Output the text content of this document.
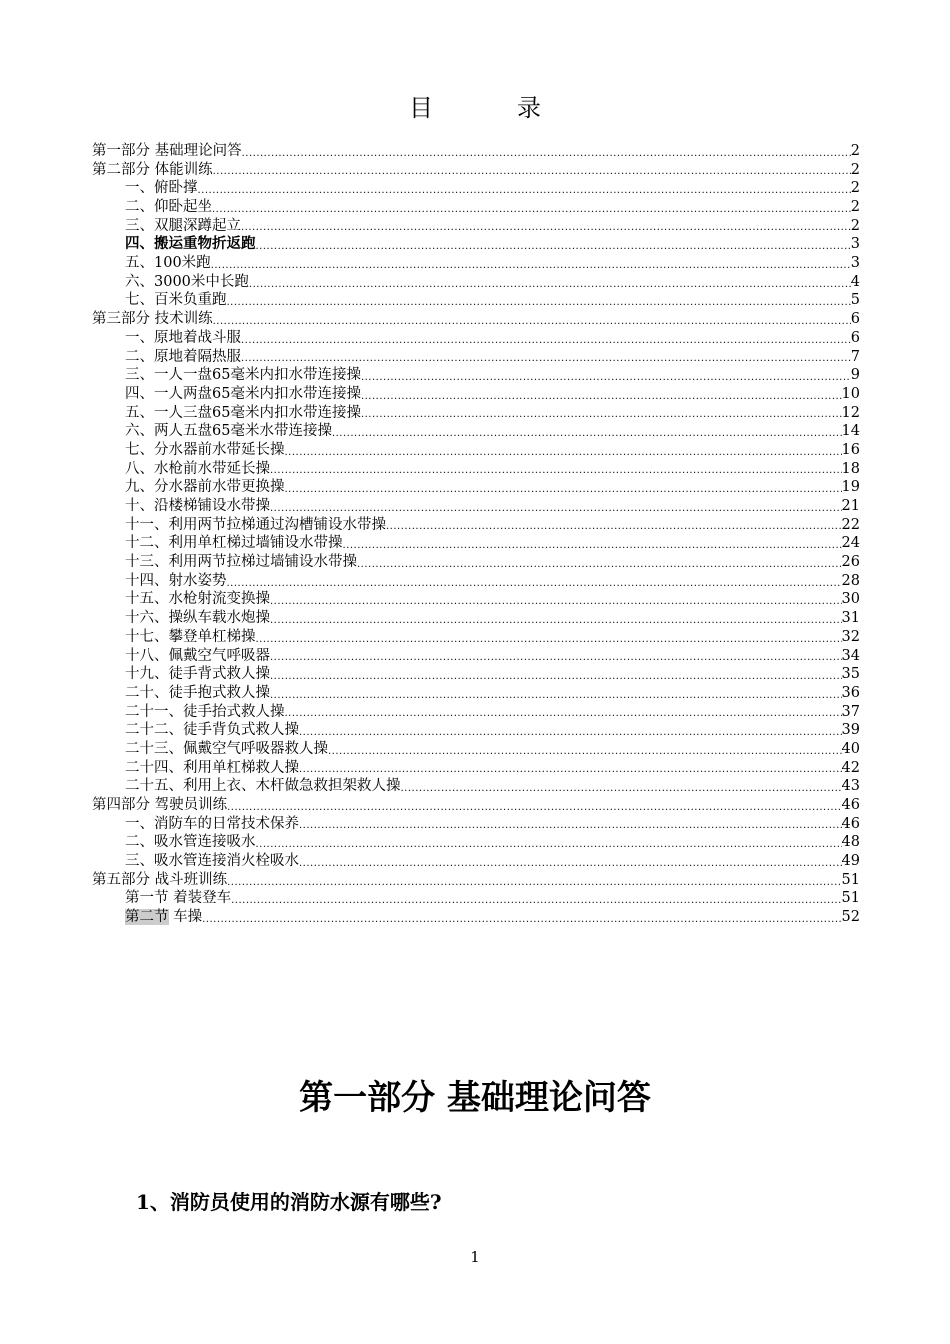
目　录
第一部分 基础理论问答 .....	2
第二部分 体能训练 .....	2
一、俯卧撑 .....	2
二、仰卧起坐 .....	2
三、双腿深蹲起立 .....	2
四、搬运重物折返跑 .....	3
五、100米跑 .....	3
六、3000米中长跑 .....	4
七、百米负重跑 .....	5
第三部分 技术训练 .....	6
一、原地着战斗服 .....	6
二、原地着隔热服 .....	7
三、一人一盘65毫米内扣水带连接操 .....	9
四、一人两盘65毫米内扣水带连接操 .....	10
五、一人三盘65毫米内扣水带连接操 .....	12
六、两人五盘65毫米水带连接操 .....	14
七、分水器前水带延长操 .....	16
八、水枪前水带延长操 .....	18
九、分水器前水带更换操 .....	19
十、沿楼梯铺设水带操 .....	21
十一、利用两节拉梯通过沟槽铺设水带操 .....	22
十二、利用单杠梯过墙铺设水带操 .....	24
十三、利用两节拉梯过墙铺设水带操 .....	26
十四、射水姿势 .....	28
十五、水枪射流变换操 .....	30
十六、操纵车载水炮操 .....	31
十七、攀登单杠梯操 .....	32
十八、佩戴空气呼吸器 .....	34
十九、徒手背式救人操 .....	35
二十、徒手抱式救人操 .....	36
二十一、徒手抬式救人操 .....	37
二十二、徒手背负式救人操 .....	39
二十三、佩戴空气呼吸器救人操 .....	40
二十四、利用单杠梯救人操 .....	42
二十五、利用上衣、木杆做急救担架救人操 .....	43
第四部分 驾驶员训练 .....	46
一、消防车的日常技术保养 .....	46
二、吸水管连接吸水 .....	48
三、吸水管连接消火栓吸水 .....	49
第五部分 战斗班训练 .....	51
第一节 着装登车 .....	51
第二节 车操 .....	52
第一部分 基础理论问答
1、消防员使用的消防水源有哪些?
1
